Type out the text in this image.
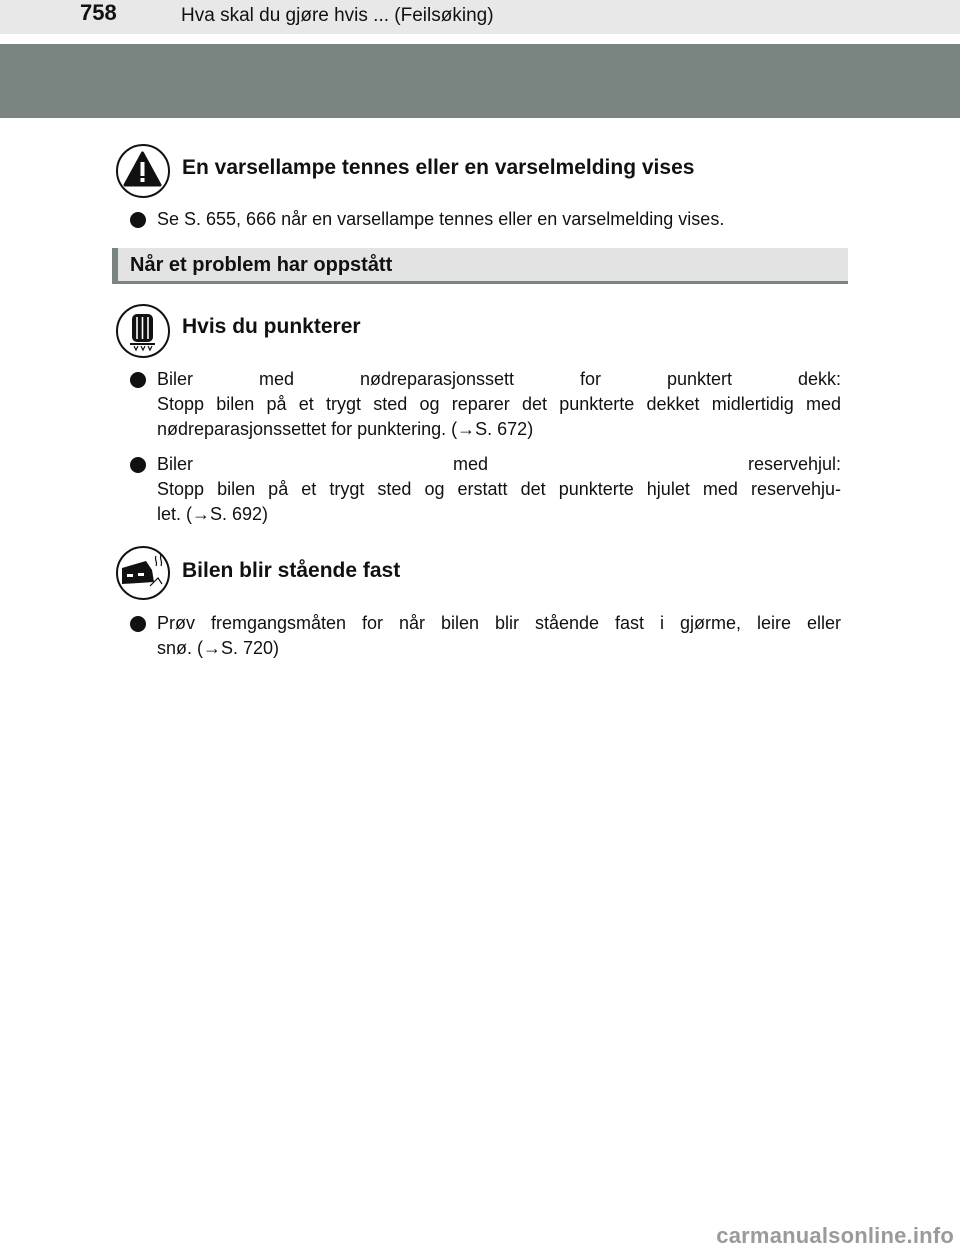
758	Hva skal du gjøre hvis ... (Feilsøking)
En varsellampe tennes eller en varselmelding vises
Se S. 655, 666 når en varsellampe tennes eller en varselmelding vises.
Når et problem har oppstått
Hvis du punkterer
Biler med nødreparasjonssett for punktert dekk:
Stopp bilen på et trygt sted og reparer det punkterte dekket midlertidig med
nødreparasjonssettet for punktering. (→S. 672)
Biler med reservehjul:
Stopp bilen på et trygt sted og erstatt det punkterte hjulet med reservehju-
let. (→S. 692)
Bilen blir stående fast
Prøv fremgangsmåten for når bilen blir stående fast i gjørme, leire eller
snø. (→S. 720)
carmanualsonline.info
